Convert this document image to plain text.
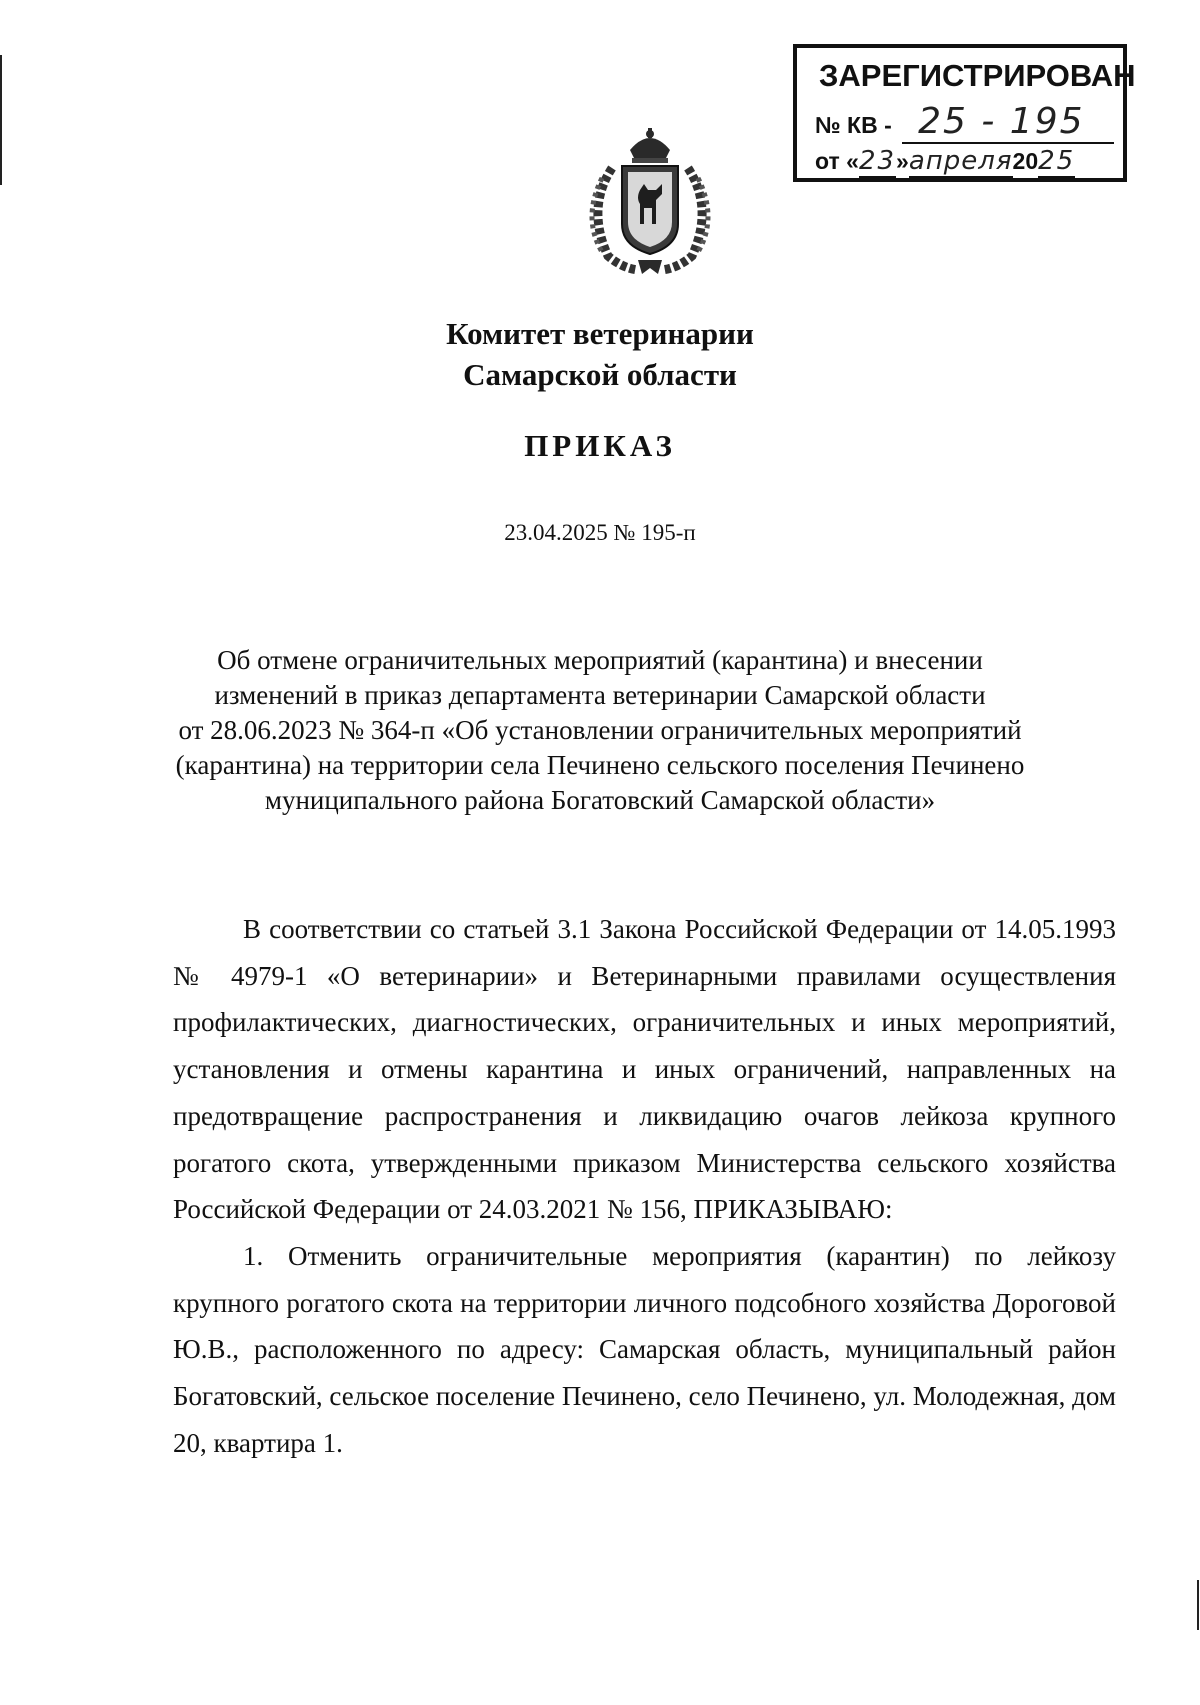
ЗАРЕГИСТРИРОВАН
№ КВ - 25 - 195
от «23»апреля2025
Комитет ветеринарии
Самарской области
ПРИКАЗ
23.04.2025 № 195-п
Об отмене ограничительных мероприятий (карантина) и внесении
изменений в приказ департамента ветеринарии Самарской области
от 28.06.2023 № 364-п «Об установлении ограничительных мероприятий
(карантина) на территории села Печинено сельского поселения Печинено
муниципального района Богатовский Самарской области»

В соответствии со статьей 3.1 Закона Российской Федерации от 14.05.1993 № 4979-1 «О ветеринарии» и Ветеринарными правилами осуществления профилактических, диагностических, ограничительных и иных мероприятий, установления и отмены карантина и иных ограничений, направленных на предотвращение распространения и ликвидацию очагов лейкоза крупного рогатого скота, утвержденными приказом Министерства сельского хозяйства Российской Федерации от 24.03.2021 № 156, ПРИКАЗЫВАЮ:

1. Отменить ограничительные мероприятия (карантин) по лейкозу крупного рогатого скота на территории личного подсобного хозяйства Дороговой Ю.В., расположенного по адресу: Самарская область, муниципальный район Богатовский, сельское поселение Печинено, село Печинено, ул. Молодежная, дом 20, квартира 1.
